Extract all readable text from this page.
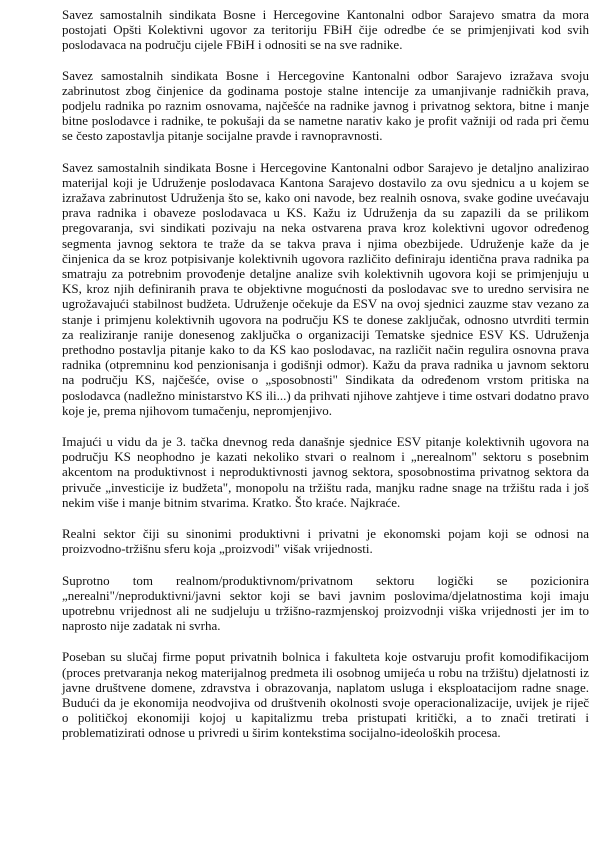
Savez samostalnih sindikata Bosne i Hercegovine Kantonalni odbor Sarajevo smatra da mora postojati Opšti Kolektivni ugovor za teritoriju FBiH čije odredbe će se primjenjivati kod svih poslodavaca na području cijele FBiH i odnositi se na sve radnike.

Savez samostalnih sindikata Bosne i Hercegovine Kantonalni odbor Sarajevo izražava svoju zabrinutost zbog činjenice da godinama postoje stalne intencije za umanjivanje radničkih prava, podjelu radnika po raznim osnovama, najčešće na radnike javnog i privatnog sektora, bitne i manje bitne poslodavce i radnike, te pokušaji da se nametne narativ kako je profit važniji od rada pri čemu se često zapostavlja pitanje socijalne pravde i ravnopravnosti.

Savez samostalnih sindikata Bosne i Hercegovine Kantonalni odbor Sarajevo je detaljno analizirao materijal koji je Udruženje poslodavaca Kantona Sarajevo dostavilo za ovu sjednicu a u kojem se izražava zabrinutost Udruženja što se, kako oni navode, bez realnih osnova, svake godine uvećavaju prava radnika i obaveze poslodavaca u KS. Kažu iz Udruženja da su zapazili da se prilikom pregovaranja, svi sindikati pozivaju na neka ostvarena prava kroz kolektivni ugovor određenog segmenta javnog sektora te traže da se takva prava i njima obezbijede. Udruženje kaže da je činjenica da se kroz potpisivanje kolektivnih ugovora različito definiraju identična prava radnika pa smatraju za potrebnim provođenje detaljne analize svih kolektivnih ugovora koji se primjenjuju u KS, kroz njih definiranih prava te objektivne mogućnosti da poslodavac sve to uredno servisira ne ugrožavajući stabilnost budžeta. Udruženje očekuje da ESV na ovoj sjednici zauzme stav vezano za stanje i primjenu kolektivnih ugovora na području KS te donese zaključak, odnosno utvrditi termin za realiziranje ranije donesenog zaključka o organizaciji Tematske sjednice ESV KS. Udruženja prethodno postavlja pitanje kako to da KS kao poslodavac, na različit način regulira osnovna prava radnika (otpremninu kod penzionisanja i godišnji odmor). Kažu da prava radnika u javnom sektoru na području KS, najčešće, ovise o „sposobnosti" Sindikata da određenom vrstom pritiska na poslodavca (nadležno ministarstvo KS ili...) da prihvati njihove zahtjeve i time ostvari dodatno pravo koje je, prema njihovom tumačenju, nepromjenjivo.

Imajući u vidu da je 3. tačka dnevnog reda današnje sjednice ESV pitanje kolektivnih ugovora na području KS neophodno je kazati nekoliko stvari o realnom i „nerealnom" sektoru s posebnim akcentom na produktivnost i neproduktivnosti javnog sektora, sposobnostima privatnog sektora da privuče „investicije iz budžeta", monopolu na tržištu rada, manjku radne snage na tržištu rada i još nekim više i manje bitnim stvarima. Kratko. Što kraće. Najkraće.

Realni sektor čiji su sinonimi produktivni i privatni je ekonomski pojam koji se odnosi na proizvodno-tržišnu sferu koja „proizvodi" višak vrijednosti.

Suprotno tom realnom/produktivnom/privatnom sektoru logički se pozicionira „nerealni"/neproduktivni/javni sektor koji se bavi javnim poslovima/djelatnostima koji imaju upotrebnu vrijednost ali ne sudjeluju u tržišno-razmjenskoj proizvodnji viška vrijednosti jer im to naprosto nije zadatak ni svrha.

Poseban su slučaj firme poput privatnih bolnica i fakulteta koje ostvaruju profit komodifikacijom (proces pretvaranja nekog materijalnog predmeta ili osobnog umijeća u robu na tržištu) djelatnosti iz javne društvene domene, zdravstva i obrazovanja, naplatom usluga i eksploatacijom radne snage. Budući da je ekonomija neodvojiva od društvenih okolnosti svoje operacionalizacije, uvijek je riječ o političkoj ekonomiji kojoj u kapitalizmu treba pristupati kritički, a to znači tretirati i problematizirati odnose u privredi u širim kontekstima socijalno-ideoloških procesa.
